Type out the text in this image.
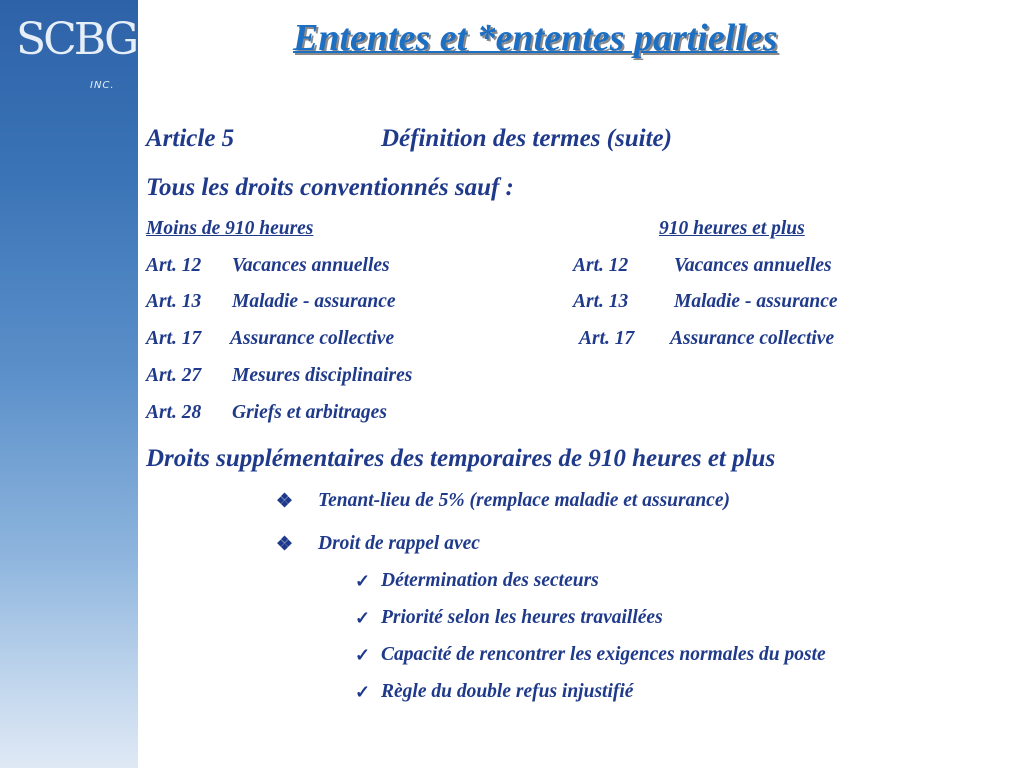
SCBG
INC.
Ententes et *ententes partielles
Article 5	Définition des termes (suite)
Tous les droits conventionnés sauf :
Moins de 910 heures	910 heures et plus
Art. 12 Vacances annuelles
Art. 13 Maladie - assurance
Art. 17 Assurance collective
Art. 27 Mesures disciplinaires
Art. 28 Griefs et arbitrages
Art. 12 Vacances annuelles
Art. 13 Maladie - assurance
Art. 17 Assurance collective
Droits supplémentaires des temporaires de 910 heures et plus
❖ Tenant-lieu de 5% (remplace maladie et assurance)
❖ Droit de rappel avec
✓ Détermination des secteurs
✓ Priorité selon les heures travaillées
✓ Capacité de rencontrer les exigences normales du poste
✓ Règle du double refus injustifié
